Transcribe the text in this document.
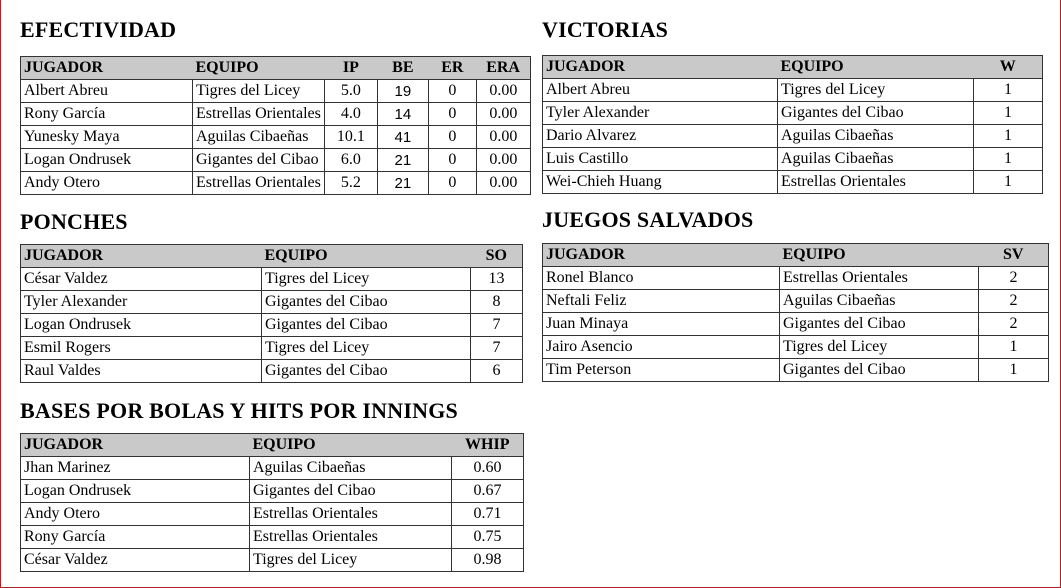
EFECTIVIDAD
JUGADOR	EQUIPO	IP	BE	ER	ERA
Albert Abreu	Tigres del Licey	5.0	19	0	0.00
Rony García	Estrellas Orientales	4.0	14	0	0.00
Yunesky Maya	Aguilas Cibaeñas	10.1	41	0	0.00
Logan Ondrusek	Gigantes del Cibao	6.0	21	0	0.00
Andy Otero	Estrellas Orientales	5.2	21	0	0.00
VICTORIAS
JUGADOR	EQUIPO	W
Albert Abreu	Tigres del Licey	1
Tyler Alexander	Gigantes del Cibao	1
Dario Alvarez	Aguilas Cibaeñas	1
Luis Castillo	Aguilas Cibaeñas	1
Wei-Chieh Huang	Estrellas Orientales	1
PONCHES
JUGADOR	EQUIPO	SO
César Valdez	Tigres del Licey	13
Tyler Alexander	Gigantes del Cibao	8
Logan Ondrusek	Gigantes del Cibao	7
Esmil Rogers	Tigres del Licey	7
Raul Valdes	Gigantes del Cibao	6
JUEGOS SALVADOS
JUGADOR	EQUIPO	SV
Ronel Blanco	Estrellas Orientales	2
Neftali Feliz	Aguilas Cibaeñas	2
Juan Minaya	Gigantes del Cibao	2
Jairo Asencio	Tigres del Licey	1
Tim Peterson	Gigantes del Cibao	1
BASES POR BOLAS Y HITS POR INNINGS
JUGADOR	EQUIPO	WHIP
Jhan Marinez	Aguilas Cibaeñas	0.60
Logan Ondrusek	Gigantes del Cibao	0.67
Andy Otero	Estrellas Orientales	0.71
Rony García	Estrellas Orientales	0.75
César Valdez	Tigres del Licey	0.98
